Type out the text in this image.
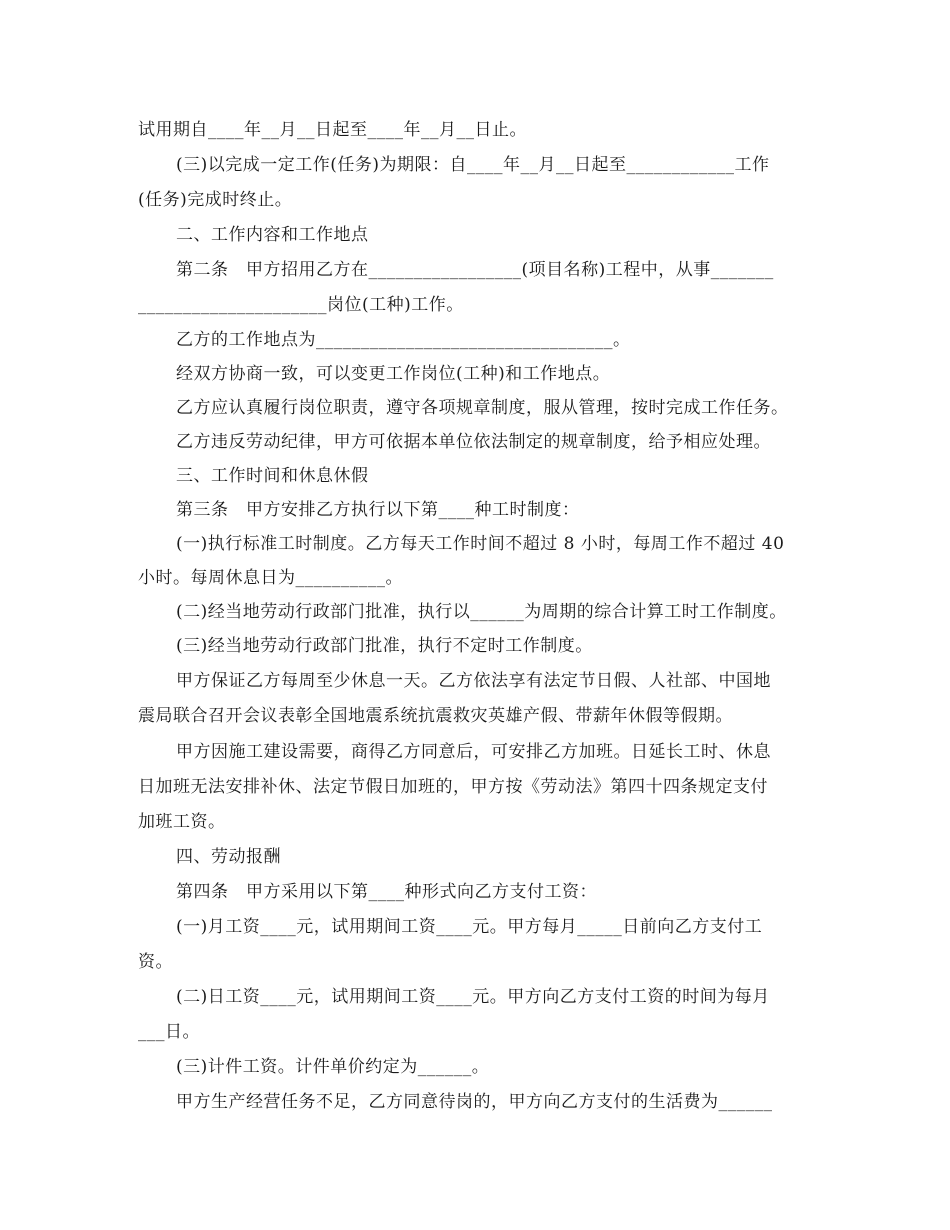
试用期自____年__月__日起至____年__月__日止。
(三)以完成一定工作(任务)为期限：自____年__月__日起至____________工作
(任务)完成时终止。
二、工作内容和工作地点
第二条　甲方招用乙方在_________________(项目名称)工程中，从事_______
_____________________岗位(工种)工作。
乙方的工作地点为_________________________________。
经双方协商一致，可以变更工作岗位(工种)和工作地点。
乙方应认真履行岗位职责，遵守各项规章制度，服从管理，按时完成工作任务。
乙方违反劳动纪律，甲方可依据本单位依法制定的规章制度，给予相应处理。
三、工作时间和休息休假
第三条　甲方安排乙方执行以下第____种工时制度：
(一)执行标准工时制度。乙方每天工作时间不超过 8 小时，每周工作不超过 40
小时。每周休息日为__________。
(二)经当地劳动行政部门批准，执行以______为周期的综合计算工时工作制度。
(三)经当地劳动行政部门批准，执行不定时工作制度。
甲方保证乙方每周至少休息一天。乙方依法享有法定节日假、人社部、中国地
震局联合召开会议表彰全国地震系统抗震救灾英雄产假、带薪年休假等假期。
甲方因施工建设需要，商得乙方同意后，可安排乙方加班。日延长工时、休息
日加班无法安排补休、法定节假日加班的，甲方按《劳动法》第四十四条规定支付
加班工资。
四、劳动报酬
第四条　甲方采用以下第____种形式向乙方支付工资：
(一)月工资____元，试用期间工资____元。甲方每月_____日前向乙方支付工
资。
(二)日工资____元，试用期间工资____元。甲方向乙方支付工资的时间为每月
___日。
(三)计件工资。计件单价约定为______。
甲方生产经营任务不足，乙方同意待岗的，甲方向乙方支付的生活费为______
